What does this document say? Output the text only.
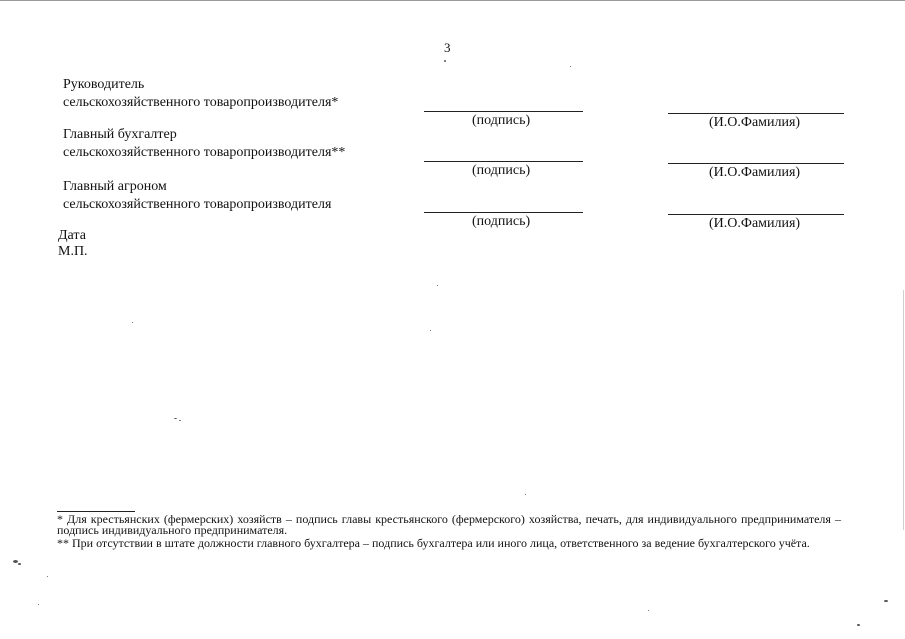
3
Руководитель
сельскохозяйственного товаропроизводителя*
(подпись)	(И.О.Фамилия)
Главный бухгалтер
сельскохозяйственного товаропроизводителя**
(подпись)	(И.О.Фамилия)
Главный агроном
сельскохозяйственного товаропроизводителя
(подпись)	(И.О.Фамилия)
Дата
М.П.
* Для крестьянских (фермерских) хозяйств – подпись главы крестьянского (фермерского) хозяйства, печать, для индивидуального предпринимателя – подпись индивидуального предпринимателя.
** При отсутствии в штате должности главного бухгалтера – подпись бухгалтера или иного лица, ответственного за ведение бухгалтерского учёта.
